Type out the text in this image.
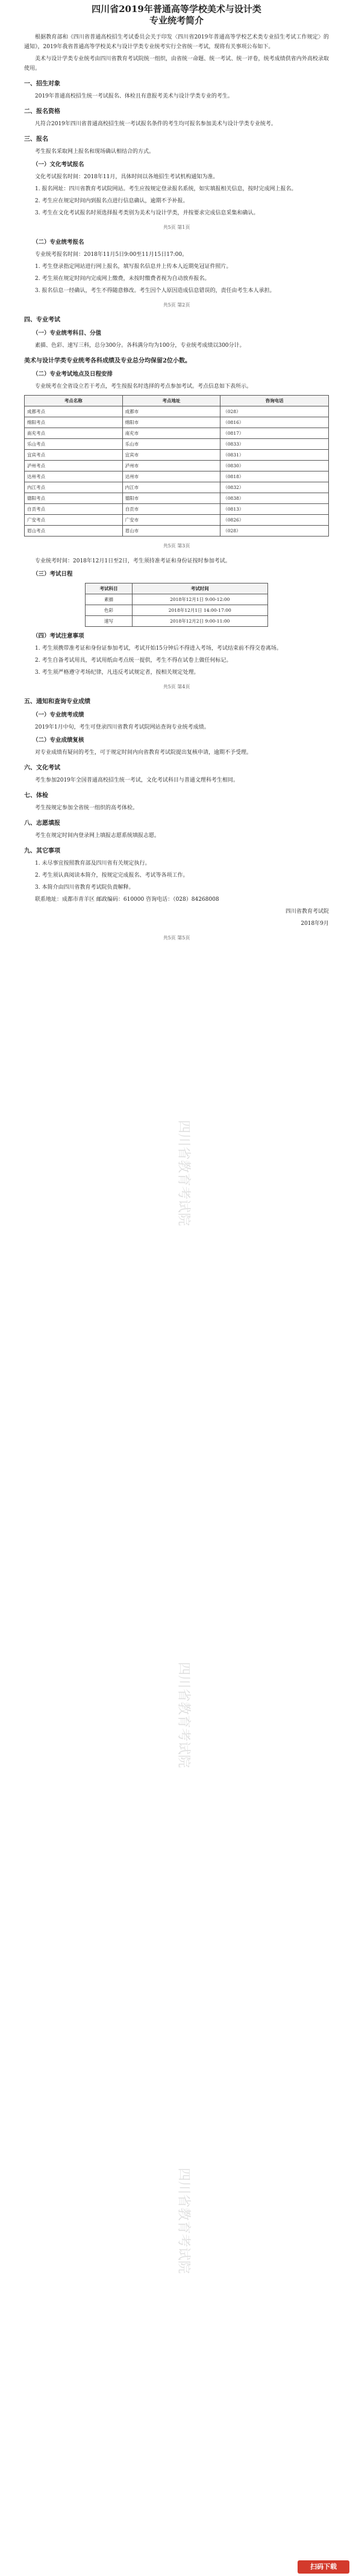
四川省2019年普通高等学校美术与设计类
专业统考简介

根据教育部和《四川省普通高校招生考试委员会关于印发〈四川省2019年普通高等学校艺术类专业招生考试工作规定〉的通知》，2019年我省普通高等学校美术与设计学类专业统考实行全省统一考试，现将有关事项公布如下。

美术与设计学类专业统考由四川省教育考试院统一组织，由省统一命题、统一考试、统一评卷，统考成绩供省内外高校录取使用。

一、招生对象

2019年普通高校招生统一考试报名、体检且有意报考美术与设计学类专业的考生。

二、报名资格

凡符合2019年四川省普通高校招生统一考试报名条件的考生均可报名参加美术与设计学类专业统考。

三、报名

考生报名采取网上报名和现场确认相结合的方式。

（一）文化考试报名

文化考试报名时间：2018年11月，具体时间以各地招生考试机构通知为准。

1. 报名网址：四川省教育考试院网站。考生应按规定登录报名系统，如实填报相关信息，按时完成网上报名。

2. 考生应在规定时间内到报名点进行信息确认，逾期不予补报。

3. 考生在文化考试报名时须选择报考类别为美术与设计学类，并按要求完成信息采集和确认。

共5页 第1页
（二）专业统考报名

专业统考报名时间：2018年11月5日9:00至11月15日17:00。

1. 考生登录指定网站进行网上报名，填写报名信息并上传本人近期免冠证件照片。

2. 考生须在规定时间内完成网上缴费，未按时缴费者视为自动放弃报名。

3. 报名信息一经确认，考生不得随意修改。考生因个人原因造成信息错误的，责任由考生本人承担。

共5页 第2页
四、专业考试
（一）专业统考科目、分值

素描、色彩、速写三科，总分300分。各科满分均为100分，专业统考成绩以300分计。

美术与设计学类专业统考各科成绩及专业总分均保留2位小数。
（二）专业考试地点及日程安排

专业统考在全省设立若干考点，考生按报名时选择的考点参加考试。考点信息如下表所示。

考点名称	考点地址	咨询电话
成都考点	成都市	（028）
绵阳考点	绵阳市	（0816）
南充考点	南充市	（0817）
乐山考点	乐山市	（0833）
宜宾考点	宜宾市	（0831）
泸州考点	泸州市	（0830）
达州考点	达州市	（0818）
内江考点	内江市	（0832）
德阳考点	德阳市	（0838）
自贡考点	自贡市	（0813）
广安考点	广安市	（0826）
眉山考点	眉山市	（028）
共5页 第3页

专业统考时间：2018年12月1日至2日，考生须持准考证和身份证按时参加考试。

（三）考试日程
考试科目	考试时间
素描	2018年12月1日 9:00-12:00
色彩	2018年12月1日 14:00-17:00
速写	2018年12月2日 9:00-11:00
（四）考试注意事项

1. 考生须携带准考证和身份证参加考试，考试开始15分钟后不得进入考场，考试结束前不得交卷离场。

2. 考生自备考试用具，考试用纸由考点统一提供，考生不得在试卷上做任何标记。

3. 考生须严格遵守考场纪律，凡违反考试规定者，按相关规定处理。

共5页 第4页
五、通知和查询专业成绩
（一）专业统考成绩

2019年1月中旬，考生可登录四川省教育考试院网站查询专业统考成绩。

（二）专业成绩复核

对专业成绩有疑问的考生，可于规定时间内向省教育考试院提出复核申请，逾期不予受理。

六、文化考试

考生参加2019年全国普通高校招生统一考试，文化考试科目与普通文理科考生相同。

七、体检

考生按规定参加全省统一组织的高考体检。

八、志愿填报

考生在规定时间内登录网上填报志愿系统填报志愿。

九、其它事项

1. 未尽事宜按照教育部及四川省有关规定执行。

2. 考生须认真阅读本简介，按规定完成报名、考试等各项工作。

3. 本简介由四川省教育考试院负责解释。

联系地址：成都市青羊区 邮政编码：610000 咨询电话：（028）84268008

四川省教育考试院

2018年9月

共5页 第5页
四川省教育考试院
四川省教育考试院
四川省教育考试院
扫码下载
